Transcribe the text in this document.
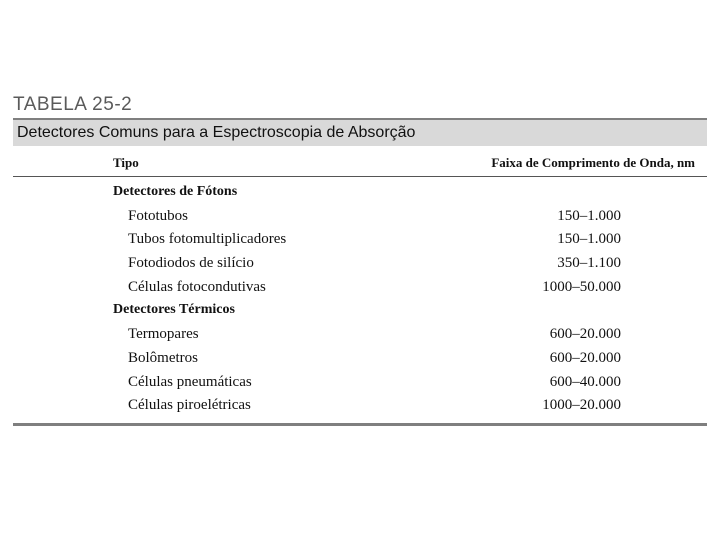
TABELA 25-2
Detectores Comuns para a Espectroscopia de Absorção
Tipo	Faixa de Comprimento de Onda, nm
Detectores de Fótons
Fototubos	150–1.000
Tubos fotomultiplicadores	150–1.000
Fotodiodos de silício	350–1.100
Células fotocondutivas	1000–50.000
Detectores Térmicos
Termopares	600–20.000
Bolômetros	600–20.000
Células pneumáticas	600–40.000
Células piroelétricas	1000–20.000
